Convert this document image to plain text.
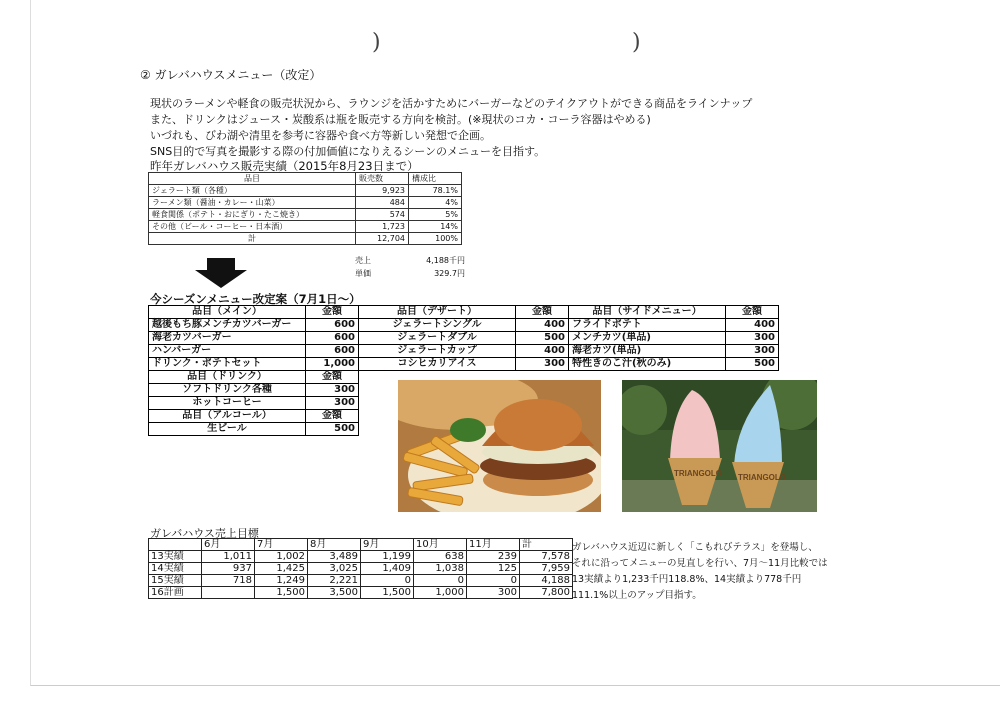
)	)
② ガレバハウスメニュー（改定）
現状のラーメンや軽食の販売状況から、ラウンジを活かすためにバーガーなどのテイクアウトができる商品をラインナップ
また、ドリンクはジュース・炭酸系は瓶を販売する方向を検討。(※現状のコカ・コーラ容器はやめる)
いづれも、びわ湖や清里を参考に容器や食べ方等新しい発想で企画。
SNS目的で写真を撮影する際の付加価値になりえるシーンのメニューを目指す。
昨年ガレバハウス販売実績（2015年8月23日まで）
品目	販売数	構成比
ジェラート類（各種）	9,923	78.1%
ラーメン類（醤油・カレー・山菜）	484	4%
軽食関係（ポテト・おにぎり・たこ焼き）	574	5%
その他（ビール・コーヒー・日本酒）	1,723	14%
計	12,704	100%
売上	4,188千円
単価	329.7円
今シーズンメニュー改定案（7月1日～）
品目（メイン）	金額	品目（デザート）	金額	品目（サイドメニュー）	金額
越後もち豚メンチカツバーガー	600	ジェラートシングル	400	フライドポテト	400
海老カツバーガー	600	ジェラートダブル	500	メンチカツ(単品)	300
ハンバーガー	600	ジェラートカップ	400	海老カツ(単品)	300
ドリンク・ポテトセット	1,000	コシヒカリアイス	300	特性きのこ汁(秋のみ)	500
品目（ドリンク）	金額				
ソフトドリンク各種	300				
ホットコーヒー	300				
品目（アルコール）	金額				
生ビール	500				
TRIANGOLO TRIANGOLO
ガレバハウス売上目標
	6月	7月	8月	9月	10月	11月	計
13実績	1,011	1,002	3,489	1,199	638	239	7,578
14実績	937	1,425	3,025	1,409	1,038	125	7,959
15実績	718	1,249	2,221	0	0	0	4,188
16計画		1,500	3,500	1,500	1,000	300	7,800
ガレバハウス近辺に新しく「こもれびテラス」を登場し、
それに沿ってメニューの見直しを行い、7月～11月比較では
13実績より1,233千円118.8%、14実績より778千円
111.1%以上のアップ目指す。
